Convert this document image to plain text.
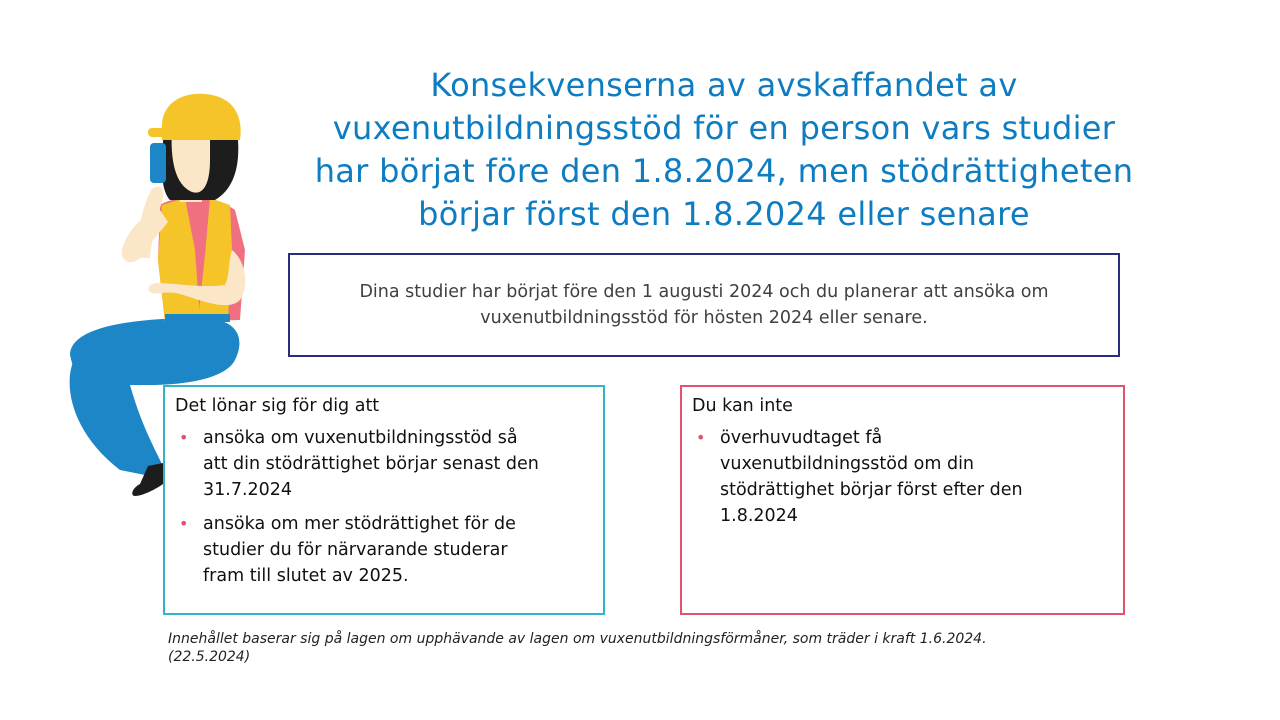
Konsekvenserna av avskaffandet av
vuxenutbildningsstöd för en person vars studier
har börjat före den 1.8.2024, men stödrättigheten
börjar först den 1.8.2024 eller senare
Dina studier har börjat före den 1 augusti 2024 och du planerar att ansöka om
vuxenutbildningsstöd för hösten 2024 eller senare.
Det lönar sig för dig att
• ansöka om vuxenutbildningsstöd så
att din stödrättighet börjar senast den
31.7.2024
• ansöka om mer stödrättighet för de
studier du för närvarande studerar
fram till slutet av 2025.
Du kan inte
• överhuvudtaget få
vuxenutbildningsstöd om din
stödrättighet börjar först efter den
1.8.2024
Innehållet baserar sig på lagen om upphävande av lagen om vuxenutbildningsförmåner, som träder i kraft 1.6.2024.
(22.5.2024)
